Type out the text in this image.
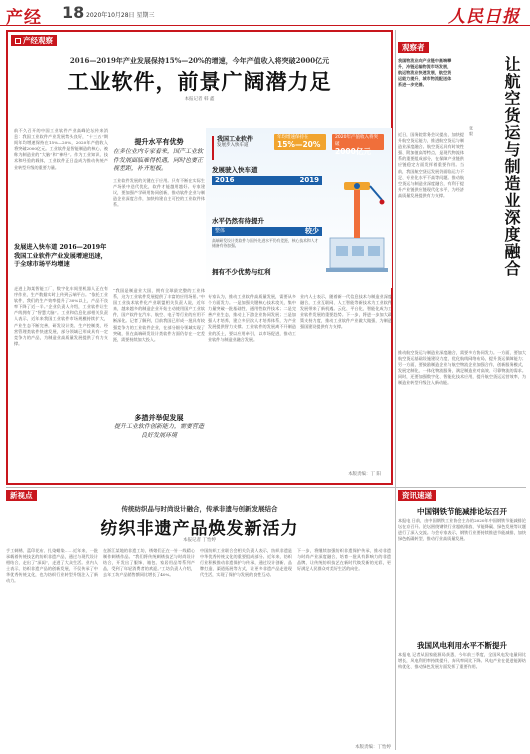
产经 18 2020年10月28日 星期三	人民日报
产经观察
2016—2019年产业发展保持15%—20%的增速，今年产值收入将突破2000亿元
工业软件，前景广阔潜力足
本报记者 韩 鑫

前不久召开的中国工业软件产业高峰论坛传来消息：我国工业软件产业发展势头良好，“十三五”期间年均增速保持在15%—20%，2020年产值收入将突破2000亿元。工业软件是智能制造的核心，被称为制造业的“大脑”和“神经”。作为工业知识、技术和经验的载体，工业软件正日益成为推动传统产业转型升级的重要力量。

发展进入快车道 2016—2019年我国工业软件产业发展增速迅速，于全球市场平均增速

走进上海某智能工厂，数字化车间里机器人正在有序作业，生产数据实时上传到云端平台。“依托工业软件，我们的生产效率提升了30%以上，产品不良率下降了近一半。”企业负责人介绍，工业软件让生产线拥有了“智慧大脑”。工业和信息化部相关负责人表示，近年来我国工业软件市场规模持续扩大，产业生态不断完善，研发设计类、生产控制类、经营管理类软件快速发展，部分领域已形成具有一定竞争力的产品，为制造业高质量发展提供了有力支撑。

提升水平有优势
在多位业内专家看来，国产工业软件发展面临难得机遇，同时也要正视差距，补齐短板。

工业软件发展的关键在于应用。只有不断在实际生产场景中迭代优化，软件才能越用越好。专家建议，要加强产学研用协同创新，推动软件企业与制造企业深度合作，加快构建自主可控的工业软件体系。

我国工业软件
发展步入快车道
年均增速保持在
15%—20%
2020年产值收入将突破
2000亿元
发展驶入快车道
2016	2019
水平仍然有待提升
整体	较少
高端研发设计类软件与国外先进水平仍有差距，核心技术和人才储备有待加强。
拥有不少优势与红利

“我国是制造业大国，拥有全球最完整的工业体系，这为工业软件发展提供了丰富的应用场景。”中国工业技术软件化产业联盟相关负责人说，近年来，越来越多的制造企业开始主动使用国产工业软件，国产软件在汽车、航空、电子等行业的应用不断深化。记者了解到，目前我国已形成一批具有较强竞争力的工业软件企业，在部分细分领域实现了突破，但在高端研发设计类软件方面仍存在一定差距，需要持续加大投入。

多措并举促发展
提升工业软件创新能力，需要营造良好发展环境

专家认为，推动工业软件高质量发展，需要从多个方面发力。一是加强关键核心技术攻关，集中力量突破一批基础性、通用性软件技术；二是完善产业生态，推动上下游企业协同发展；三是加强人才培养，建立多层次人才培养体系，为产业发展提供智力支撑。工业软件的发展离不开制造业的沃土，要以应用牵引，以市场促进，推动工业软件与制造业融合发展。

业内人士表示，随着新一代信息技术与制造业深度融合，工业互联网、人工智能等新技术为工业软件发展带来了新机遇。云化、平台化、智能化成为工业软件发展的重要趋势。下一步，将进一步加大政策支持力度，推动工业软件产业做大做强，为制造强国建设提供有力支撑。

本版责编：丁 阳
观察者

我国物流业向产业链中高端攀升，冷链运输物流市场发展，航运物流业快速发展，航空货运能力提升，城市物流配送体系进一步完善。	让航空货运与制造业深度融合
张 毅

近日，国务院常务会议提出，加快提升航空货运能力，推进航空货运与制造业深度融合。航空货运具有时效性强、附加值高等特点，是现代物流体系的重要组成部分，在保障产业链供应链稳定方面发挥着重要作用。当前，我国航空货运发展仍面临运力不足、专业化水平不高等问题。推动航空货运与制造业深度融合，有利于提升产业链供应链现代化水平，为经济高质量发展提供有力支撑。

推动航空货运与制造业深度融合，需要多方协同发力。一方面，要加大航空货运基础设施建设力度，优化航线网络布局，提升货运保障能力；另一方面，要鼓励制造企业与航空物流企业加强合作，创新服务模式，发展定制化、一体化物流服务，满足制造业对高效、可靠物流的需求。同时，还要加强数字化、智能化技术应用，提升航空货运运营效率，为制造业转型升级注入新动能。

新视点
传统纺织品与时尚设计融合，传承非遗与创新发展结合
纺织非遗产品焕发新活力
本报记者 丁怡婷

手工刺绣、蓝印花布、扎染蜡染……近年来，一批承载着传统技艺的纺织非遗产品，通过与现代设计相结合，走出了“深闺”，走进了大众生活。业内人士表示，纺织非遗产品的创新发展，不仅传承了中华优秀传统文化，也为纺织行业转型升级注入了新动力。

在浙江某地的非遗工坊，绣娘们正在一针一线精心制作刺绣作品。“我们将传统刺绣技艺与时尚设计结合，开发出了服饰、箱包、家居用品等系列产品，受到了年轻消费者的欢迎。”工坊负责人介绍，去年工坊产品销售额同比增长了40%。

中国纺织工业联合会相关负责人表示，纺织非遗是中华优秀传统文化的重要组成部分。近年来，纺织行业积极推动非遗保护与传承，通过设计创新、品牌打造、渠道拓展等方式，让更多非遗产品走进现代生活，实现了保护与发展的良性互动。

下一步，将继续加强纺织非遗保护传承，推动非遗与时尚产业深度融合，培育一批具有影响力的非遗品牌，让传统纺织技艺在新时代焕发新的光彩，更好满足人民群众对美好生活的向往。

本版责编：丁怡婷
资讯速递
中国钢铁节能减排论坛召开

本报电 日前，由中国钢铁工业协会主办的2020年中国钢铁节能减排论坛在京召开。论坛围绕钢铁行业超低排放、节能降碳、绿色发展等议题进行了深入交流。与会专家表示，钢铁行业要持续推进节能减排，加快绿色低碳转型，推动行业高质量发展。

我国风电利用水平不断提升

本报电 记者从国家能源局获悉，今年前三季度，全国风电发电量同比增长，风电利用率持续提升，弃风率同比下降。风电产业在促进能源结构优化、推动绿色发展方面发挥了重要作用。
